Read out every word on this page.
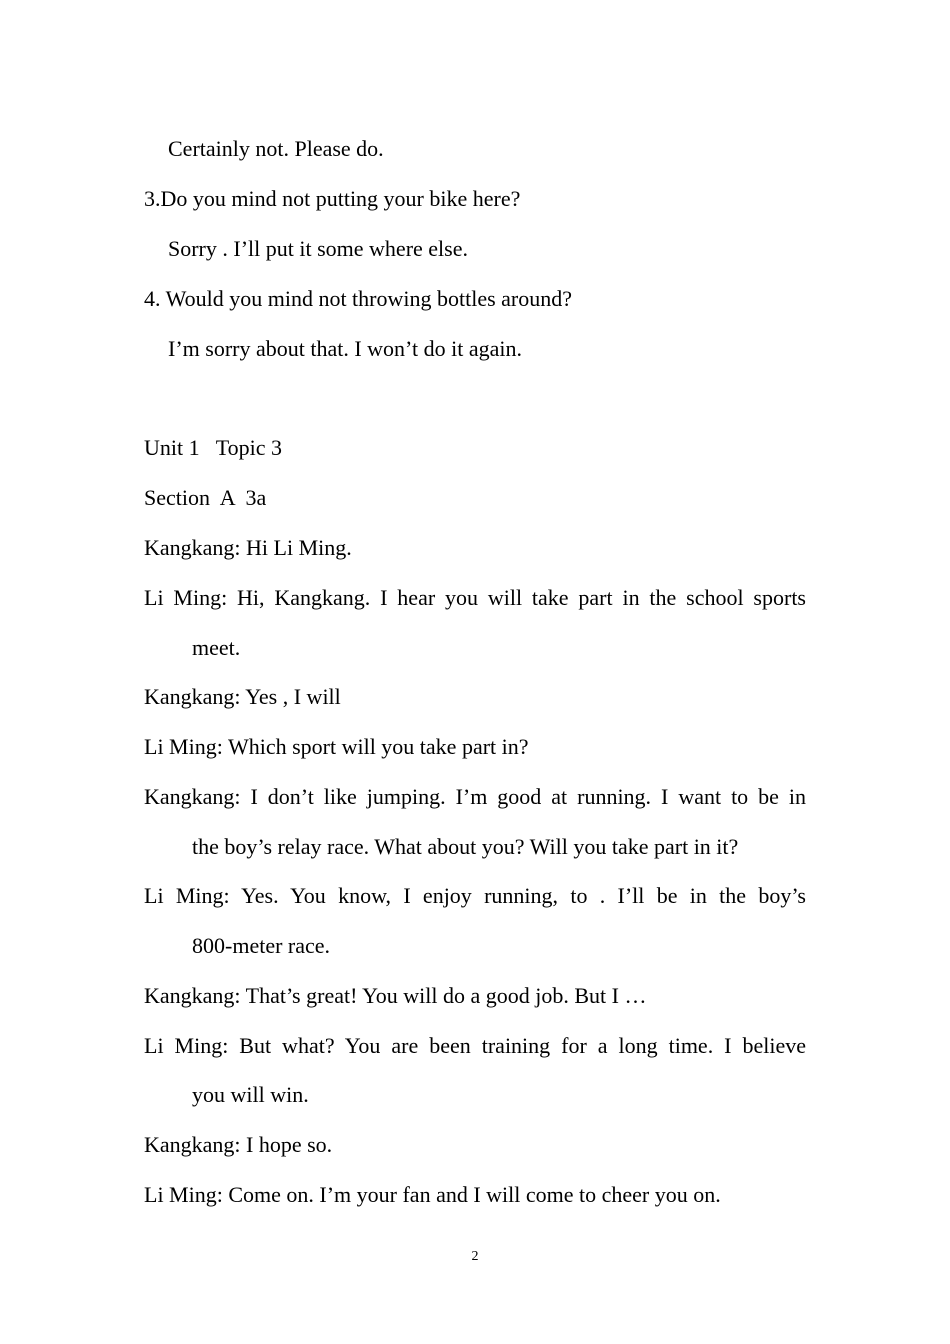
Certainly not. Please do.
3.Do you mind not putting your bike here?
Sorry . I’ll put it some where else.
4. Would you mind not throwing bottles around?
I’m sorry about that. I won’t do it again.
Unit 1   Topic 3
Section  A  3a
Kangkang: Hi Li Ming.
Li Ming: Hi, Kangkang. I hear you will take part in the school sports
meet.
Kangkang: Yes , I will
Li Ming: Which sport will you take part in?
Kangkang: I don’t like jumping. I’m good at running. I want to be in
the boy’s relay race. What about you? Will you take part in it?
Li Ming: Yes. You know, I enjoy running, to . I’ll be in the boy’s
800-meter race.
Kangkang: That’s great! You will do a good job. But I …
Li Ming: But what? You are been training for a long time. I believe
you will win.
Kangkang: I hope so.
Li Ming: Come on. I’m your fan and I will come to cheer you on.
2
